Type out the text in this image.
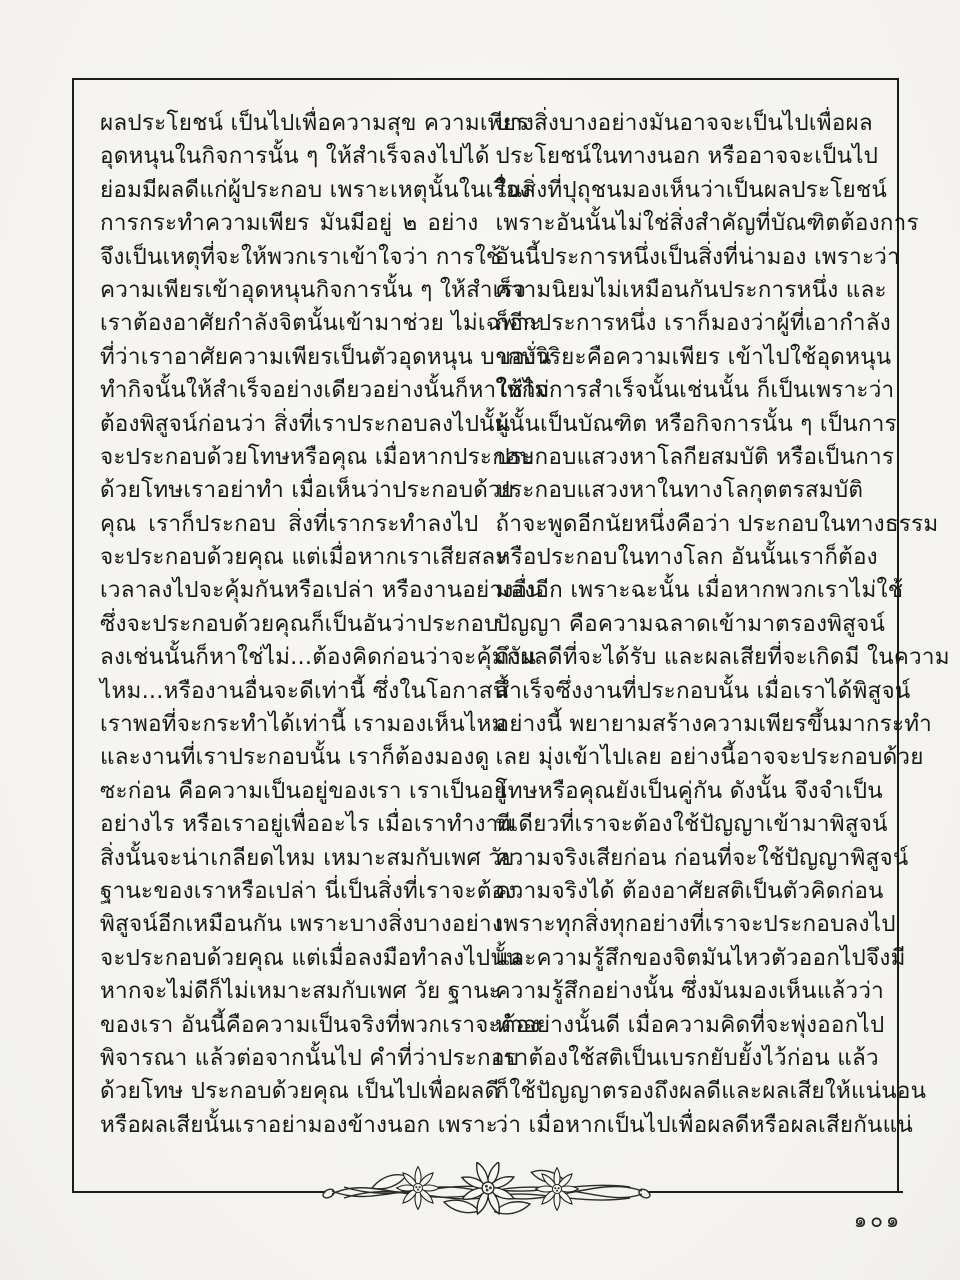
ผลประโยชน์ เป็นไปเพื่อความสุข ความเพียร

อุดหนุนในกิจการนั้น ๆ ให้สำเร็จลงไปได้

ย่อมมีผลดีแก่ผู้ประกอบ เพราะเหตุนั้นในเรื่อง

การกระทำความเพียร มันมีอยู่ ๒ อย่าง

จึงเป็นเหตุที่จะให้พวกเราเข้าใจว่า การใช้

ความเพียรเข้าอุดหนุนกิจการนั้น ๆ ให้สำเร็จ

เราต้องอาศัยกำลังจิตนั้นเข้ามาช่วย ไม่เฉพาะ

ที่ว่าเราอาศัยความเพียรเป็นตัวอุดหนุน บากบั่น

ทำกิจนั้นให้สำเร็จอย่างเดียวอย่างนั้นก็หาใช่ไม่

ต้องพิสูจน์ก่อนว่า สิ่งที่เราประกอบลงไปนั้น

จะประกอบด้วยโทษหรือคุณ เมื่อหากประกอบ

ด้วยโทษเราอย่าทำ เมื่อเห็นว่าประกอบด้วย

คุณ เราก็ประกอบ สิ่งที่เรากระทำลงไป

จะประกอบด้วยคุณ แต่เมื่อหากเราเสียสละ

เวลาลงไปจะคุ้มกันหรือเปล่า หรืองานอย่างอื่น

ซึ่งจะประกอบด้วยคุณก็เป็นอันว่าประกอบ

ลงเช่นนั้นก็หาใช่ไม่...ต้องคิดก่อนว่าจะคุ้มกัน

ไหม...หรืองานอื่นจะดีเท่านี้ ซึ่งในโอกาสนี้

เราพอที่จะกระทำได้เท่านี้ เรามองเห็นไหม

และงานที่เราประกอบนั้น เราก็ต้องมองดู

ซะก่อน คือความเป็นอยู่ของเรา เราเป็นอยู่

อย่างไร หรือเราอยู่เพื่ออะไร เมื่อเราทำงาน

สิ่งนั้นจะน่าเกลียดไหม เหมาะสมกับเพศ วัย

ฐานะของเราหรือเปล่า นี่เป็นสิ่งที่เราจะต้อง

พิสูจน์อีกเหมือนกัน เพราะบางสิ่งบางอย่าง

จะประกอบด้วยคุณ แต่เมื่อลงมือทำลงไปนั้น

หากจะไม่ดีก็ไม่เหมาะสมกับเพศ วัย ฐานะ

ของเรา อันนี้คือความเป็นจริงที่พวกเราจะต้อง

พิจารณา แล้วต่อจากนั้นไป คำที่ว่าประกอบ

ด้วยโทษ ประกอบด้วยคุณ เป็นไปเพื่อผลดี

หรือผลเสียนั้นเราอย่ามองข้างนอก เพราะ

บางสิ่งบางอย่างมันอาจจะเป็นไปเพื่อผล

ประโยชน์ในทางนอก หรืออาจจะเป็นไป

ในสิ่งที่ปุถุชนมองเห็นว่าเป็นผลประโยชน์

เพราะอันนั้นไม่ใช่สิ่งสำคัญที่บัณฑิตต้องการ

อันนี้ประการหนึ่งเป็นสิ่งที่น่ามอง เพราะว่า

ความนิยมไม่เหมือนกันประการหนึ่ง และ

ก็อีกประการหนึ่ง เราก็มองว่าผู้ที่เอากำลัง

ของวิริยะคือความเพียร เข้าไปใช้อุดหนุน

ให้กิจการสำเร็จนั้นเช่นนั้น ก็เป็นเพราะว่า

ผู้นั้นเป็นบัณฑิต หรือกิจการนั้น ๆ เป็นการ

ประกอบแสวงหาโลกียสมบัติ หรือเป็นการ

ประกอบแสวงหาในทางโลกุตตรสมบัติ

ถ้าจะพูดอีกนัยหนึ่งคือว่า ประกอบในทางธรรม

หรือประกอบในทางโลก อันนั้นเราก็ต้อง

มองอีก เพราะฉะนั้น เมื่อหากพวกเราไม่ใช้

ปัญญา คือความฉลาดเข้ามาตรองพิสูจน์

ถึงผลดีที่จะได้รับ และผลเสียที่จะเกิดมี ในความ

สำเร็จซึ่งงานที่ประกอบนั้น เมื่อเราได้พิสูจน์

อย่างนี้ พยายามสร้างความเพียรขึ้นมากระทำ

เลย มุ่งเข้าไปเลย อย่างนี้อาจจะประกอบด้วย

โทษหรือคุณยังเป็นคู่กัน ดังนั้น จึงจำเป็น

ทีเดียวที่เราจะต้องใช้ปัญญาเข้ามาพิสูจน์

ความจริงเสียก่อน ก่อนที่จะใช้ปัญญาพิสูจน์

ความจริงได้ ต้องอาศัยสติเป็นตัวคิดก่อน

เพราะทุกสิ่งทุกอย่างที่เราจะประกอบลงไป

และความรู้สึกของจิตมันไหวตัวออกไปจึงมี

ความรู้สึกอย่างนั้น ซึ่งมันมองเห็นแล้วว่า

ทำอย่างนั้นดี เมื่อความคิดที่จะพุ่งออกไป

เราต้องใช้สติเป็นเบรกยับยั้งไว้ก่อน แล้ว

ก็ใช้ปัญญาตรองถึงผลดีและผลเสียให้แน่นอน

ว่า เมื่อหากเป็นไปเพื่อผลดีหรือผลเสียกันแน่

๑๐๑
